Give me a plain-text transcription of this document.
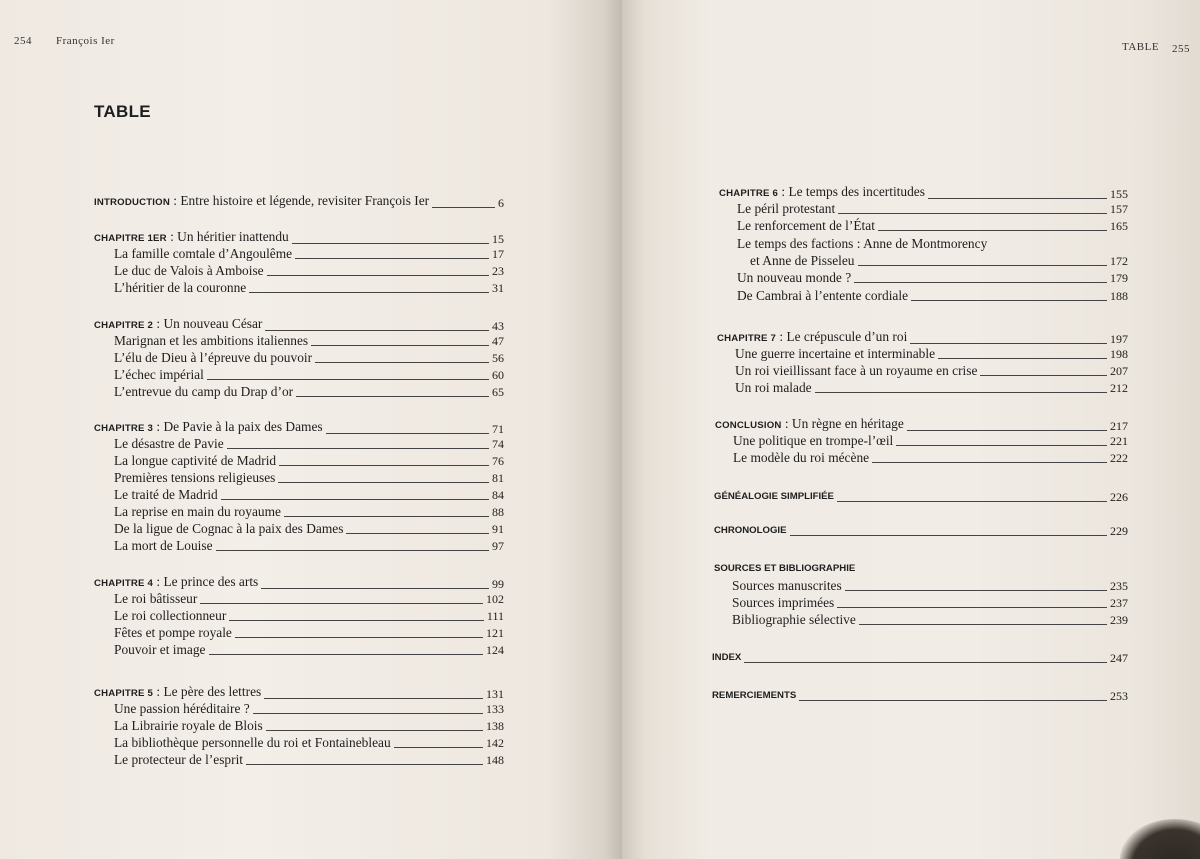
254 François Ier
TABLE
INTRODUCTION : Entre histoire et légende, revisiter François Ier	6
CHAPITRE 1ER : Un héritier inattendu	15
La famille comtale d’Angoulême	17
Le duc de Valois à Amboise	23
L’héritier de la couronne	31
CHAPITRE 2 : Un nouveau César	43
Marignan et les ambitions italiennes	47
L’élu de Dieu à l’épreuve du pouvoir	56
L’échec impérial	60
L’entrevue du camp du Drap d’or	65
CHAPITRE 3 : De Pavie à la paix des Dames	71
Le désastre de Pavie	74
La longue captivité de Madrid	76
Premières tensions religieuses	81
Le traité de Madrid	84
La reprise en main du royaume	88
De la ligue de Cognac à la paix des Dames	91
La mort de Louise	97
CHAPITRE 4 : Le prince des arts	99
Le roi bâtisseur	102
Le roi collectionneur	111
Fêtes et pompe royale	121
Pouvoir et image	124
CHAPITRE 5 : Le père des lettres	131
Une passion héréditaire ?	133
La Librairie royale de Blois	138
La bibliothèque personnelle du roi et Fontainebleau	142
Le protecteur de l’esprit	148
TABLE 255
CHAPITRE 6 : Le temps des incertitudes	155
Le péril protestant	157
Le renforcement de l’État	165
Le temps des factions : Anne de Montmorency
et Anne de Pisseleu	172
Un nouveau monde ?	179
De Cambrai à l’entente cordiale	188
CHAPITRE 7 : Le crépuscule d’un roi	197
Une guerre incertaine et interminable	198
Un roi vieillissant face à un royaume en crise	207
Un roi malade	212
CONCLUSION : Un règne en héritage	217
Une politique en trompe-l’œil	221
Le modèle du roi mécène	222
GÉNÉALOGIE SIMPLIFIÉE	226
CHRONOLOGIE	229
SOURCES ET BIBLIOGRAPHIE
Sources manuscrites	235
Sources imprimées	237
Bibliographie sélective	239
INDEX	247
REMERCIEMENTS	253
